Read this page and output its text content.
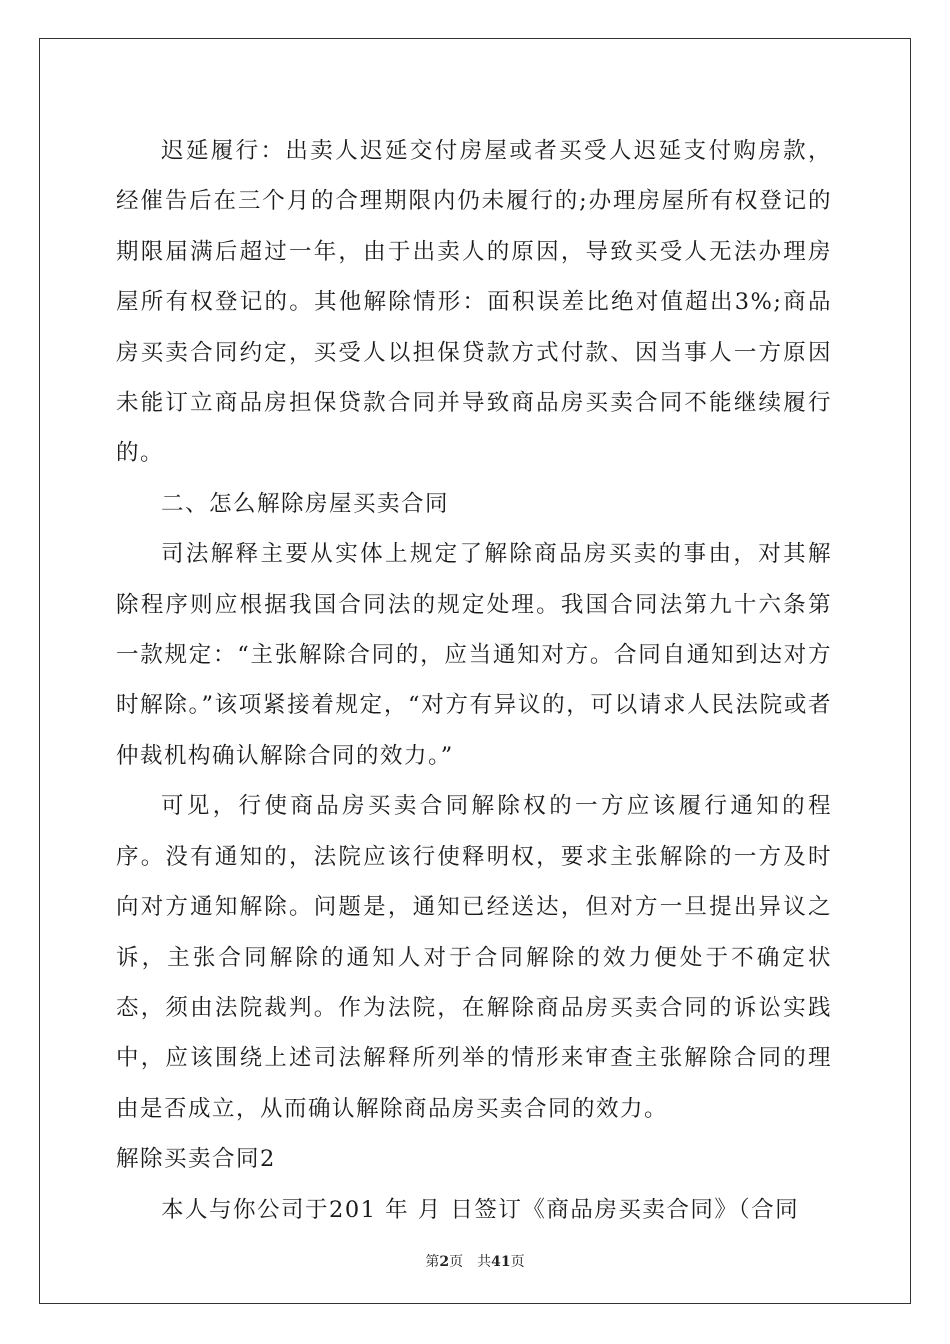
迟延履行：出卖人迟延交付房屋或者买受人迟延支付购房款，经催告后在三个月的合理期限内仍未履行的;办理房屋所有权登记的期限届满后超过一年，由于出卖人的原因，导致买受人无法办理房屋所有权登记的。其他解除情形：面积误差比绝对值超出3%;商品房买卖合同约定，买受人以担保贷款方式付款、因当事人一方原因未能订立商品房担保贷款合同并导致商品房买卖合同不能继续履行的。

二、怎么解除房屋买卖合同

司法解释主要从实体上规定了解除商品房买卖的事由，对其解除程序则应根据我国合同法的规定处理。我国合同法第九十六条第一款规定：“主张解除合同的，应当通知对方。合同自通知到达对方时解除。”该项紧接着规定，“对方有异议的，可以请求人民法院或者仲裁机构确认解除合同的效力。”

可见，行使商品房买卖合同解除权的一方应该履行通知的程序。没有通知的，法院应该行使释明权，要求主张解除的一方及时向对方通知解除。问题是，通知已经送达，但对方一旦提出异议之诉，主张合同解除的通知人对于合同解除的效力便处于不确定状态，须由法院裁判。作为法院，在解除商品房买卖合同的诉讼实践中，应该围绕上述司法解释所列举的情形来审查主张解除合同的理由是否成立，从而确认解除商品房买卖合同的效力。

解除买卖合同2

本人与你公司于201 年 月 日签订《商品房买卖合同》（合同

第2页 共41页
